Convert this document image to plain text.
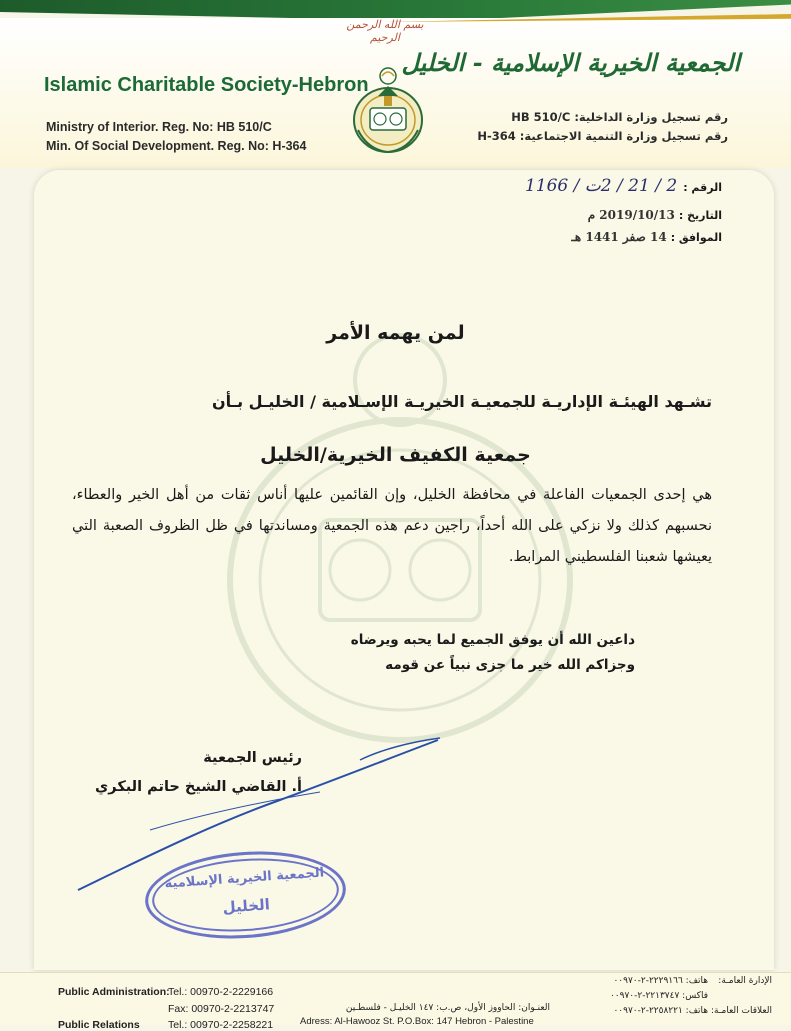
بسم الله الرحمن الرحيم
Islamic Charitable Society-Hebron
Ministry of Interior. Reg. No: HB 510/C
Min. Of Social Development. Reg. No: H-364
الجمعية الخيرية الإسلامية - الخليل
رقم تسجيل وزارة الداخلية: HB 510/C
رقم تسجيل وزارة التنمية الاجتماعية: H-364
الرقم :2 / 21 / 2ت / 1166
التاريخ :2019/10/13 م
الموافق :14 صفر 1441 هـ
لمن يهمه الأمر
تشـهد الهيئـة الإداريـة للجمعيـة الخيريـة الإسـلامية / الخليـل بـأن
جمعية الكفيف الخيرية/الخليل
هي إحدى الجمعيات الفاعلة في محافظة الخليل، وإن القائمين عليها أناس ثقات من أهل الخير والعطاء، نحسبهم كذلك ولا نزكي على الله أحداً، راجين دعم هذه الجمعية ومساندتها في ظل الظروف الصعبة التي يعيشها شعبنا الفلسطيني المرابط.
داعين الله أن يوفق الجميع لما يحبه ويرضاه
وجزاكم الله خير ما جزى نبياً عن قومه
رئيس الجمعية
أ. القاضي الشيخ حاتم البكري
الجمعية الخيرية الإسلامية
الخليل
Public Administration:
Tel.: 00970-2-2229166
Fax: 00970-2-2213747
Public Relations	Tel.: 00970-2-2258221
العنـوان: الحاووز الأول، ص.ب: ١٤٧ الخليـل - فلسطـين
Adress: Al-Hawooz St. P.O.Box: 147 Hebron - Palestine
الإدارة العامـة:
هاتف: ٢٢٢٩١٦٦-٢-٠٠٩٧٠
فاكس: ٢٢١٣٧٤٧-٢-٠٠٩٧٠
العلاقات العامـة:
هاتف: ٢٢٥٨٢٢١-٢-٠٠٩٧٠
